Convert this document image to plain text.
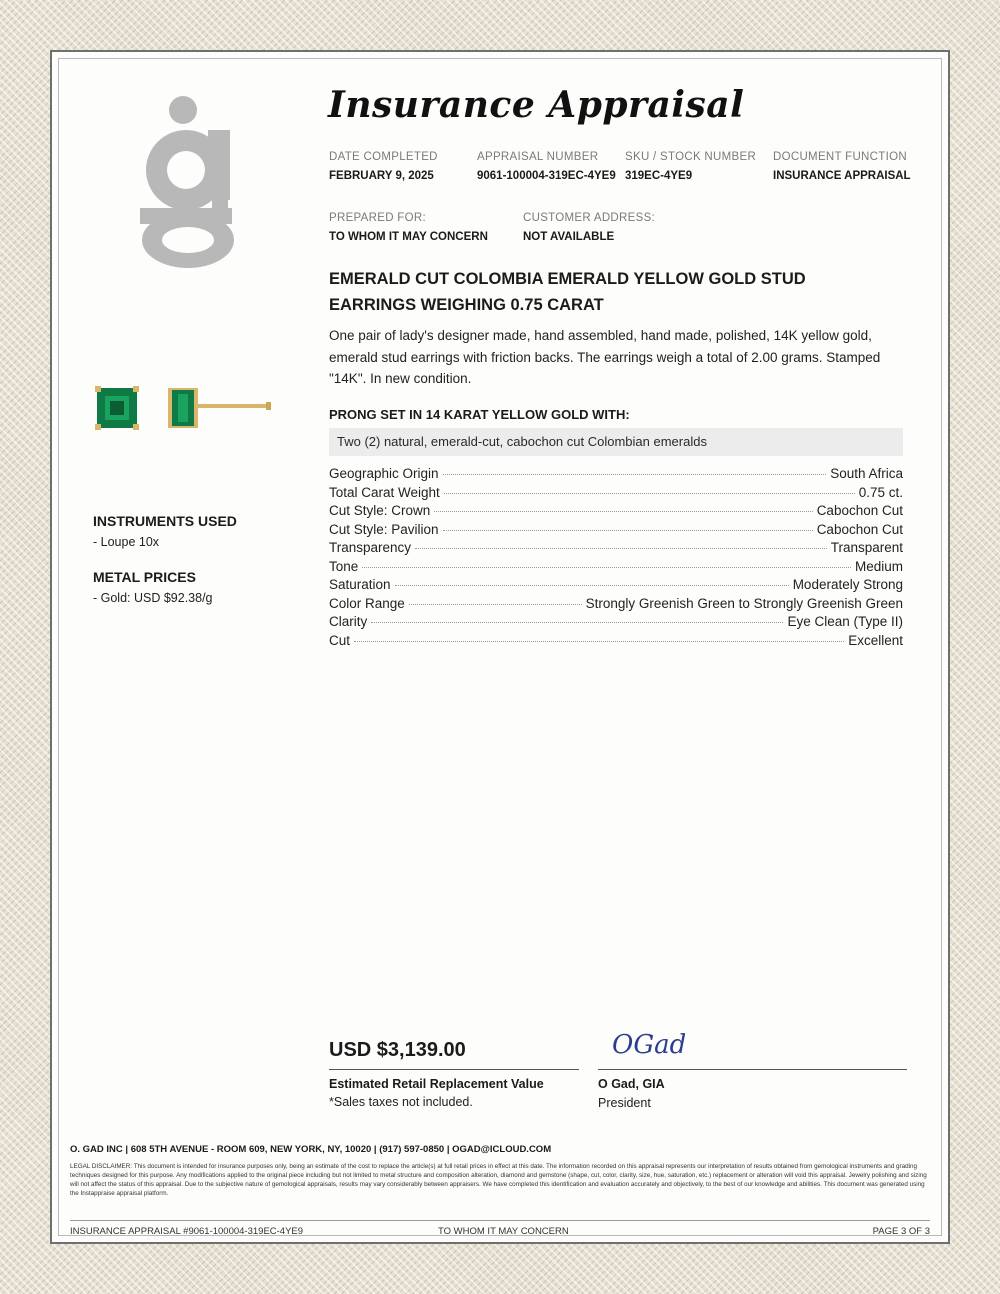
INSTRUMENTS USED
- Loupe 10x
METAL PRICES
- Gold: USD $92.38/g
Insurance Appraisal
DATE COMPLETED
FEBRUARY 9, 2025
APPRAISAL NUMBER
9061-100004-319EC-4YE9
SKU / STOCK NUMBER
319EC-4YE9
DOCUMENT FUNCTION
INSURANCE APPRAISAL
PREPARED FOR:
TO WHOM IT MAY CONCERN
CUSTOMER ADDRESS:
NOT AVAILABLE
EMERALD CUT COLOMBIA EMERALD YELLOW GOLD STUD EARRINGS WEIGHING 0.75 CARAT
One pair of lady's designer made, hand assembled, hand made, polished, 14K yellow gold, emerald stud earrings with friction backs. The earrings weigh a total of 2.00 grams. Stamped "14K". In new condition.
PRONG SET IN 14 KARAT YELLOW GOLD WITH:
Two (2) natural, emerald-cut, cabochon cut Colombian emeralds
Geographic Origin	South Africa
Total Carat Weight	0.75 ct.
Cut Style: Crown	Cabochon Cut
Cut Style: Pavilion	Cabochon Cut
Transparency	Transparent
Tone	Medium
Saturation	Moderately Strong
Color Range	Strongly Greenish Green to Strongly Greenish Green
Clarity	Eye Clean (Type II)
Cut	Excellent
USD $3,139.00
Estimated Retail Replacement Value
*Sales taxes not included.
OGad
O Gad, GIA
President
O. GAD INC | 608 5TH AVENUE - ROOM 609, NEW YORK, NY, 10020 | (917) 597-0850 | OGAD@ICLOUD.COM
LEGAL DISCLAIMER: This document is intended for insurance purposes only, being an estimate of the cost to replace the article(s) at full retail prices in effect at this date. The information recorded on this appraisal represents our interpretation of results obtained from gemological instruments and grading techniques designed for this purpose. Any modifications applied to the original piece including but not limited to metal structure and composition alteration, diamond and gemstone (shape, cut, color, clarity, size, hue, saturation, etc.) replacement or alteration will void this appraisal. Jewelry polishing and sizing will not affect the status of this appraisal. Due to the subjective nature of gemological appraisals, results may vary considerably between appraisers. We have completed this identification and evaluation accurately and objectively, to the best of our knowledge and abilities. This document was generated using the Instappraise appraisal platform.
INSURANCE APPRAISAL #9061-100004-319EC-4YE9	TO WHOM IT MAY CONCERN	PAGE 3 OF 3
